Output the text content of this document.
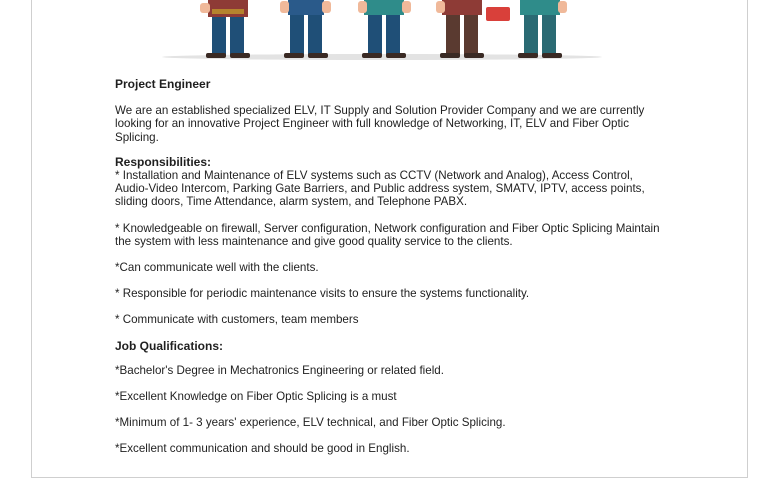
Project Engineer

We are an established specialized ELV, IT Supply and Solution Provider Company and we are currently looking for an innovative Project Engineer with full knowledge of Networking, IT, ELV and Fiber Optic Splicing.

Responsibilities:

* Installation and Maintenance of ELV systems such as CCTV (Network and Analog), Access Control, Audio-Video Intercom, Parking Gate Barriers, and Public address system, SMATV, IPTV, access points, sliding doors, Time Attendance, alarm system, and Telephone PABX.

* Knowledgeable on firewall, Server configuration, Network configuration and Fiber Optic Splicing Maintain the system with less maintenance and give good quality service to the clients.

*Can communicate well with the clients.

* Responsible for periodic maintenance visits to ensure the systems functionality.

* Communicate with customers, team members

Job Qualifications:

*Bachelor's Degree in Mechatronics Engineering or related field.

*Excellent Knowledge on Fiber Optic Splicing is a must

*Minimum of 1- 3 years' experience, ELV technical, and Fiber Optic Splicing.

*Excellent communication and should be good in English.
